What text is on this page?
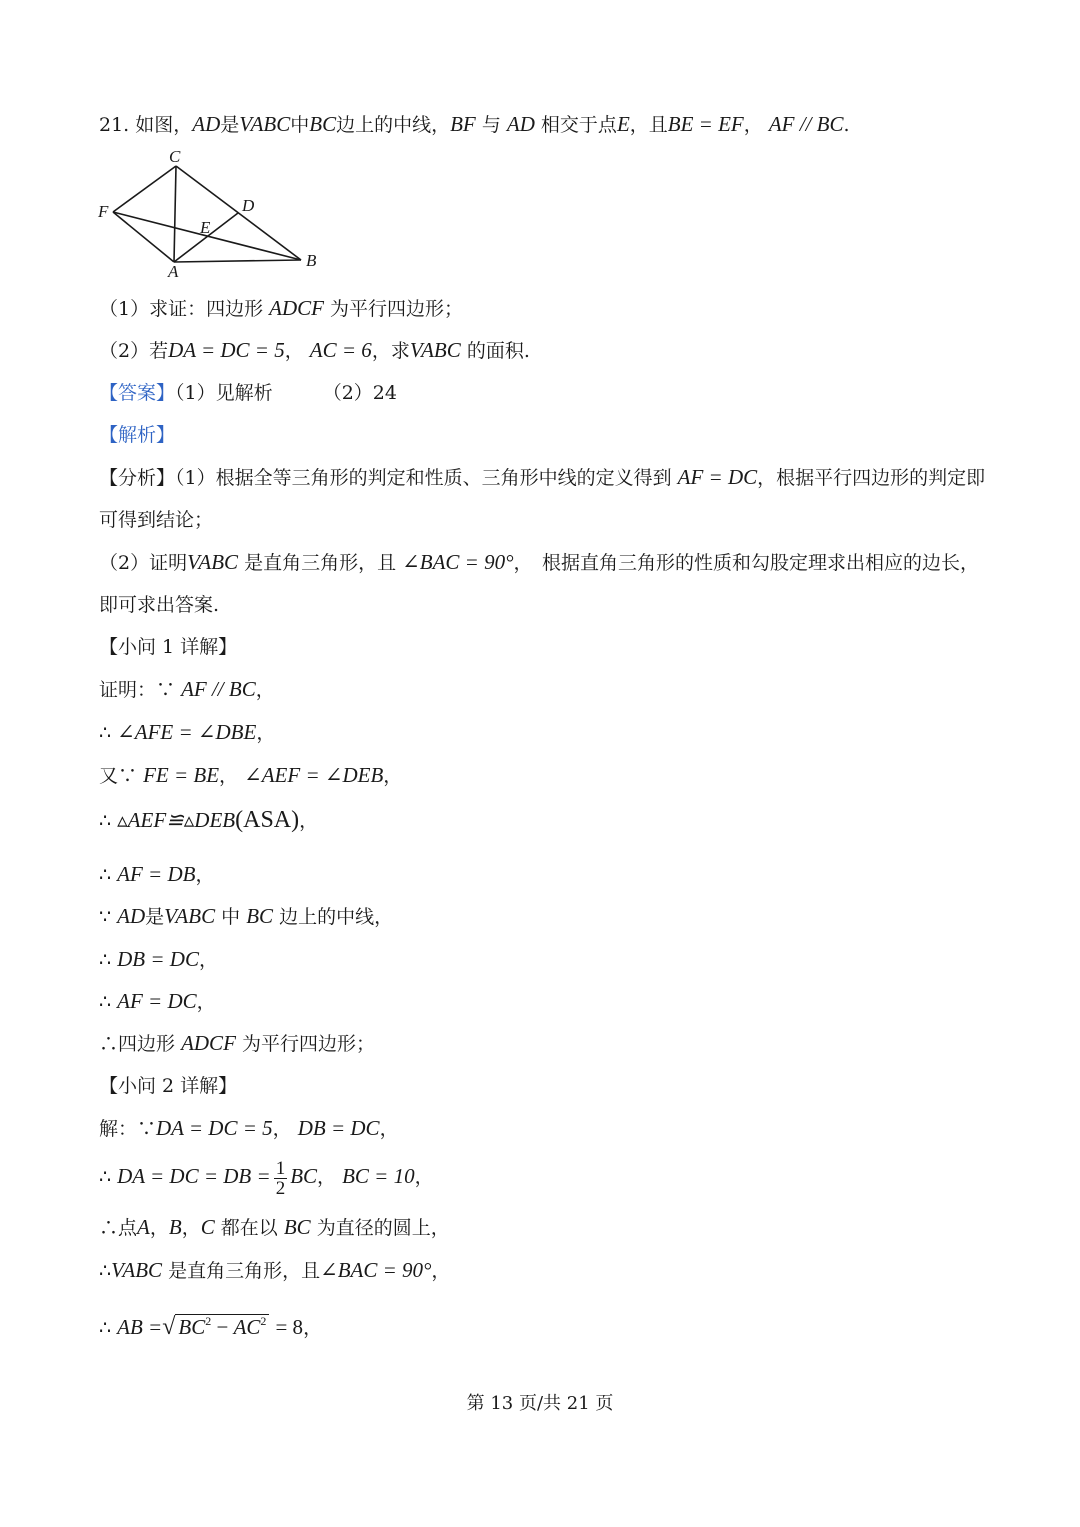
21. 如图，AD是VABC中BC边上的中线，BF 与 AD 相交于点E，且BE = EF， AF // BC.
C
F	D
E
A
B
（1）求证：四边形 ADCF 为平行四边形；
（2）若DA = DC = 5， AC = 6，求VABC 的面积.
【答案】（1）见解析	（2）24
【解析】
【分析】（1）根据全等三角形的判定和性质、三角形中线的定义得到 AF = DC，根据平行四边形的判定即
可得到结论；
（2）证明VABC 是直角三角形，且 ∠BAC = 90°，　根据直角三角形的性质和勾股定理求出相应的边长，
即可求出答案.
【小问 1 详解】
证明：∵ AF // BC，
∴ ∠AFE = ∠DBE，
又∵ FE = BE， ∠AEF = ∠DEB，
∴ ▵AEF≌▵DEB(ASA)，
∴ AF = DB，
∵ AD是VABC 中 BC 边上的中线，
∴ DB = DC，
∴ AF = DC，
∴四边形 ADCF 为平行四边形；
【小问 2 详解】
解：∵DA = DC = 5， DB = DC，
∴ DA = DC = DB = $\frac{1}{2}$ BC， BC = 10，
∴点A，B，C 都在以 BC 为直径的圆上，
∴VABC 是直角三角形，且∠BAC = 90°，
∴ AB =√ $BC^2 - AC^2 = 8$，
第 13 页/共 21 页
